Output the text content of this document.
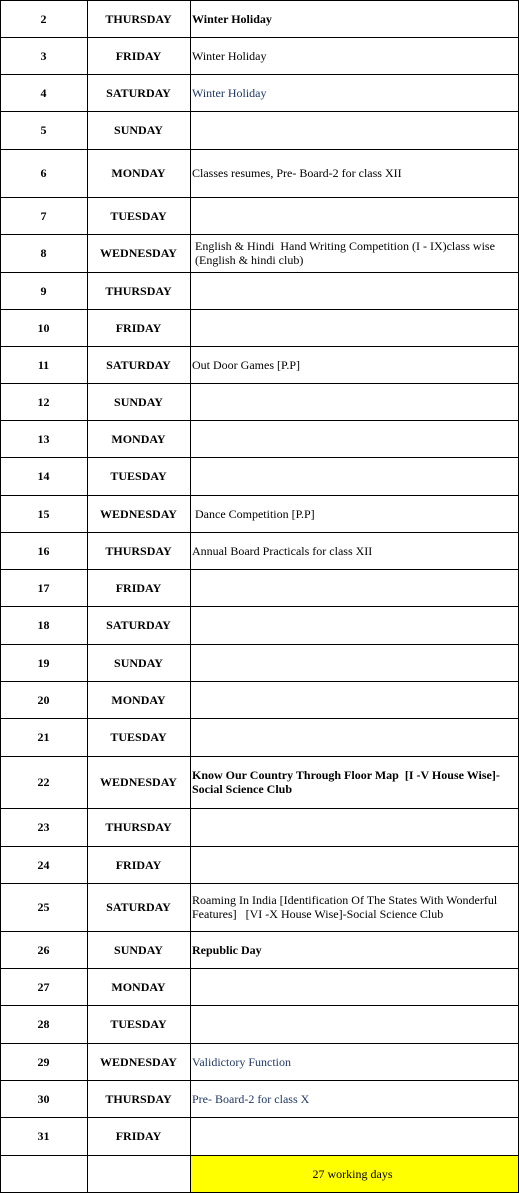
2	THURSDAY	Winter Holiday
3	FRIDAY	Winter Holiday
4	SATURDAY	Winter Holiday
5	SUNDAY
6	MONDAY	Classes resumes, Pre- Board-2 for class XII
7	TUESDAY
8	WEDNESDAY	English & Hindi  Hand Writing Competition (I - IX)class wise
(English & hindi club)
9	THURSDAY
10	FRIDAY
11	SATURDAY	Out Door Games [P.P]
12	SUNDAY
13	MONDAY
14	TUESDAY
15	WEDNESDAY	Dance Competition [P.P]
16	THURSDAY	Annual Board Practicals for class XII
17	FRIDAY
18	SATURDAY
19	SUNDAY
20	MONDAY
21	TUESDAY
22	WEDNESDAY	Know Our Country Through Floor Map  [I -V House Wise]-
Social Science Club
23	THURSDAY
24	FRIDAY
25	SATURDAY	Roaming In India [Identification Of The States With Wonderful
Features]   [VI -X House Wise]-Social Science Club
26	SUNDAY	Republic Day
27	MONDAY
28	TUESDAY
29	WEDNESDAY	Validictory Function
30	THURSDAY	Pre- Board-2 for class X
31	FRIDAY
27 working days
